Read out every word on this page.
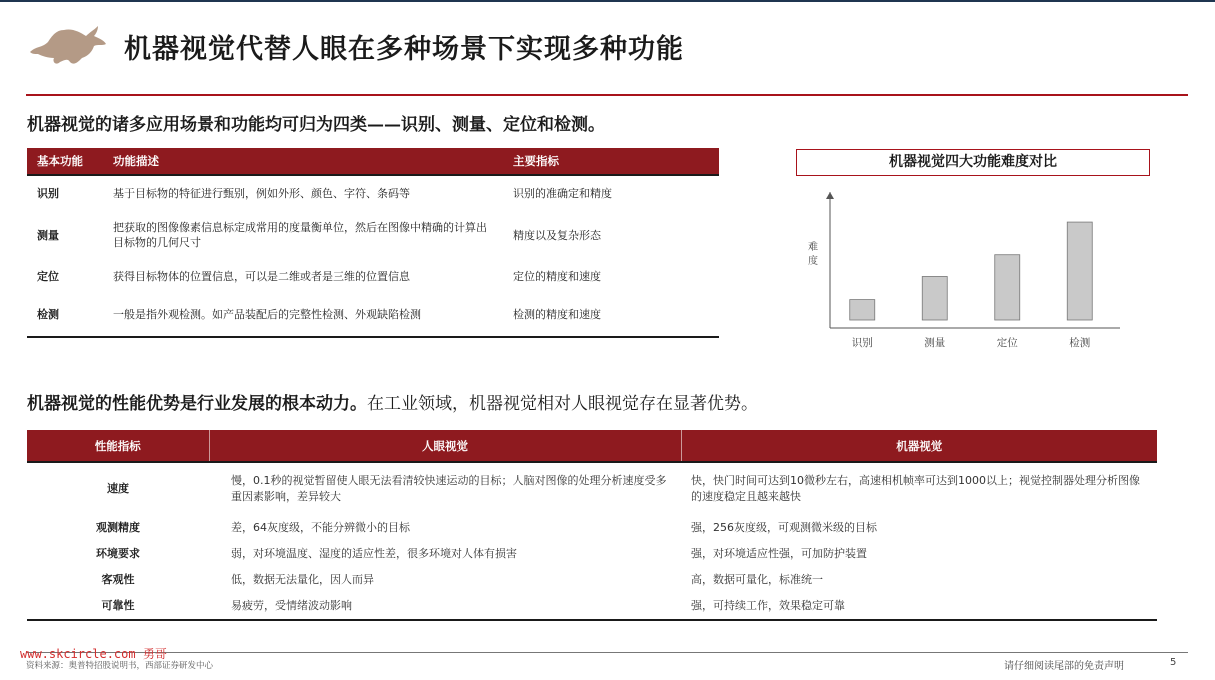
机器视觉代替人眼在多种场景下实现多种功能
机器视觉的诸多应用场景和功能均可归为四类——识别、测量、定位和检测。
基本功能	功能描述	主要指标
识别	基于目标物的特征进行甄别，例如外形、颜色、字符、条码等	识别的准确定和精度
测量	把获取的图像像素信息标定成常用的度量衡单位，然后在图像中精确的计算出目标物的几何尺寸	精度以及复杂形态
定位	获得目标物体的位置信息，可以是二维或者是三维的位置信息	定位的精度和速度
检测	一般是指外观检测。如产品装配后的完整性检测、外观缺陷检测	检测的精度和速度
机器视觉四大功能难度对比
难度
识别	测量	定位	检测
机器视觉的性能优势是行业发展的根本动力。在工业领域，机器视觉相对人眼视觉存在显著优势。
性能指标	人眼视觉	机器视觉
速度	慢，0.1秒的视觉暂留使人眼无法看清较快速运动的目标；人脑对图像的处理分析速度受多重因素影响，差异较大	快，快门时间可达到10微秒左右，高速相机帧率可达到1000以上；视觉控制器处理分析图像的速度稳定且越来越快
观测精度	差，64灰度级，不能分辨微小的目标	强，256灰度级，可观测微米级的目标
环境要求	弱，对环境温度、湿度的适应性差，很多环境对人体有损害	强，对环境适应性强，可加防护装置
客观性	低，数据无法量化，因人而异	高，数据可量化，标准统一
可靠性	易疲劳，受情绪波动影响	强，可持续工作，效果稳定可靠
www.skcircle.com 勇哥
资料来源：奥普特招股说明书，西部证券研发中心	请仔细阅读尾部的免责声明	5
